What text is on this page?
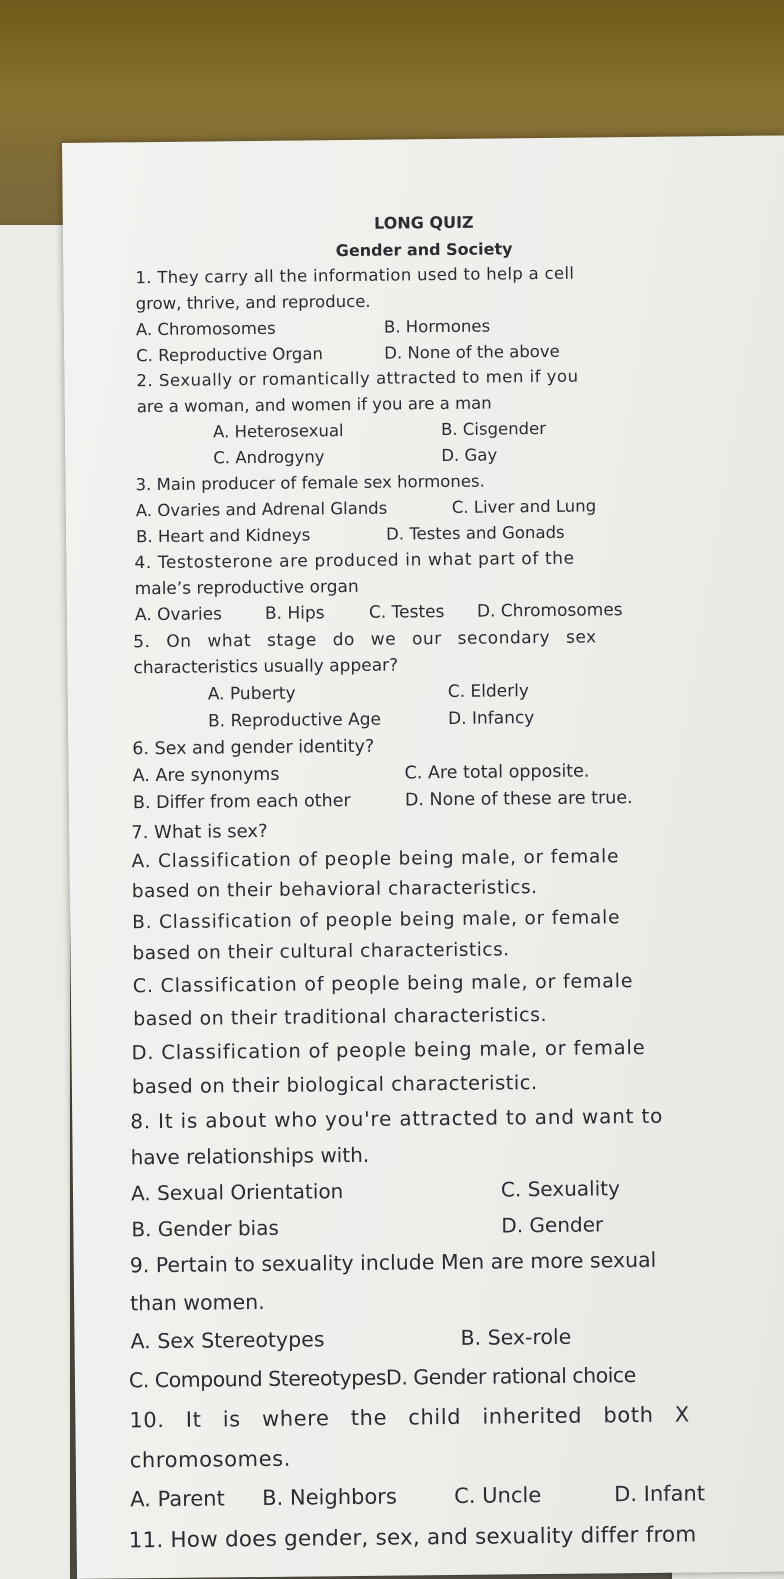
LONG QUIZ
Gender and Society
1. They carry all the information used to help a cell
grow, thrive, and reproduce.
A. Chromosomes	B. Hormones
C. Reproductive Organ	D. None of the above
2. Sexually or romantically attracted to men if you
are a woman, and women if you are a man
A. Heterosexual	B. Cisgender
C. Androgyny	D. Gay
3. Main producer of female sex hormones.
A. Ovaries and Adrenal Glands	C. Liver and Lung
B. Heart and Kidneys	D. Testes and Gonads
4. Testosterone are produced in what part of the
male’s reproductive organ
A. Ovaries	B. Hips	C. Testes D. Chromosomes
5. On what stage do we our secondary sex
characteristics usually appear?
A. Puberty	C. Elderly
B. Reproductive Age	D. Infancy
6. Sex and gender identity?
A. Are synonyms	C. Are total opposite.
B. Differ from each other	D. None of these are true.
7. What is sex?
A. Classification of people being male, or female
based on their behavioral characteristics.
B. Classification of people being male, or female
based on their cultural characteristics.
C. Classification of people being male, or female
based on their traditional characteristics.
D. Classification of people being male, or female
based on their biological characteristic.
8. It is about who you're attracted to and want to
have relationships with.
A. Sexual Orientation	C. Sexuality
B. Gender bias	D. Gender
9. Pertain to sexuality include Men are more sexual
than women.
A. Sex Stereotypes	B. Sex-role
C. Compound StereotypesD. Gender rational choice
10. It is where the child inherited both X
chromosomes.
A. Parent B. Neighbors	C. Uncle	D. Infant
11. How does gender, sex, and sexuality differ from
